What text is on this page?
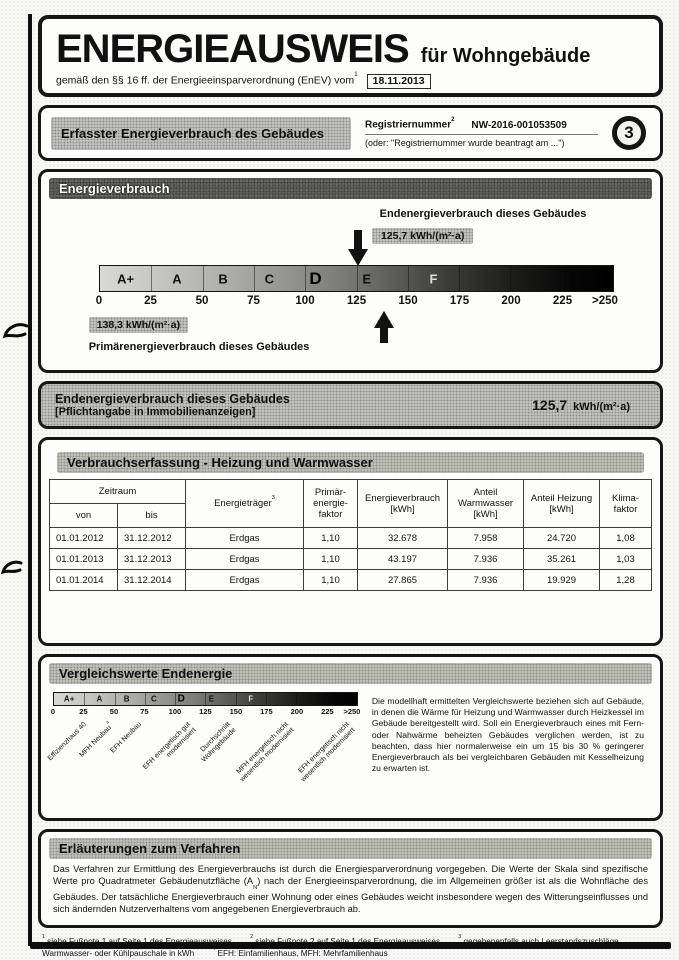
ENERGIEAUSWEIS für Wohngebäude
gemäß den §§ 16 ff. der Energieeinsparverordnung (EnEV) vom$^1$ 18.11.2013
Erfasster Energieverbrauch des Gebäudes
Registriernummer$^2$ NW-2016-001053509
(oder: "Registriernummer wurde beantragt am ...")
3
Energieverbrauch
Endenergieverbrauch dieses Gebäudes
125,7 kWh/(m²·a)
A+	A	B	C D	E	F
0	25	50	75	100	125	150	175	200	225 >250
138,3 kWh/(m²·a)
Primärenergieverbrauch dieses Gebäudes
Endenergieverbrauch dieses Gebäudes
[Pflichtangabe in Immobilienanzeigen]	125,7 kWh/(m²·a)
Verbrauchserfassung - Heizung und Warmwasser
Zeitraum		Energieträger$^3$	Primär-energie-faktor	Energieverbrauch [kWh]	Anteil Warmwasser [kWh]	Anteil Heizung [kWh]	Klima-faktor
von	bis						
01.01.2012	31.12.2012	Erdgas	1,10	32.678	7.958	24.720	1,08
01.01.2013	31.12.2013	Erdgas	1,10	43.197	7.936	35.261	1,03
01.01.2014	31.12.2014	Erdgas	1,10	27.865	7.936	19.929	1,28
Vergleichswerte Endenergie
A+	A	B	C D	E	F
0	25	50	75	100 125 150 175 200 225 >250
Effizienzhaus 40
MFH Neubau$^4$ EFH Neubau
EFH energetisch gut modernisiert Durchschnitt Wohngebäude
MFH energetisch nicht wesentlich modernisiert EFH energetisch nicht wesentlich modernisiert
Die modellhaft ermittelten Vergleichswerte beziehen sich auf Gebäude, in denen die Wärme für Heizung und Warmwasser durch Heizkessel im Gebäude bereitgestellt wird. Soll ein Energieverbrauch eines mit Fern- oder Nahwärme beheizten Gebäudes verglichen werden, ist zu beachten, dass hier normalerweise ein um 15 bis 30 % geringerer Energieverbrauch als bei vergleichbaren Gebäuden mit Kesselheizung zu erwarten ist.
Erläuterungen zum Verfahren

Das Verfahren zur Ermittlung des Energieverbrauchs ist durch die Energiesparverordnung vorgegeben. Die Werte der Skala sind spezifische Werte pro Quadratmeter Gebäudenutzfläche $(A_N)$ nach der Energieeinsparverordnung, die im Allgemeinen größer ist als die Wohnfläche des Gebäudes. Der tatsächliche Energieverbrauch einer Wohnung oder eines Gebäudes weicht insbesondere wegen des Witterungseinflusses und sich ändernden Nutzerverhaltens vom angegebenen Energieverbrauch ab.

$^1$ siehe Fußnote 1 auf Seite 1 des Energieausweises $^2$ siehe Fußnote 2 auf Seite 1 des Energieausweises $^3$ gegebenenfalls auch Leerstandszuschläge, Warmwasser- oder Kühlpauschale in kWh $^4$ EFH: Einfamilienhaus, MFH: Mehrfamilienhaus
